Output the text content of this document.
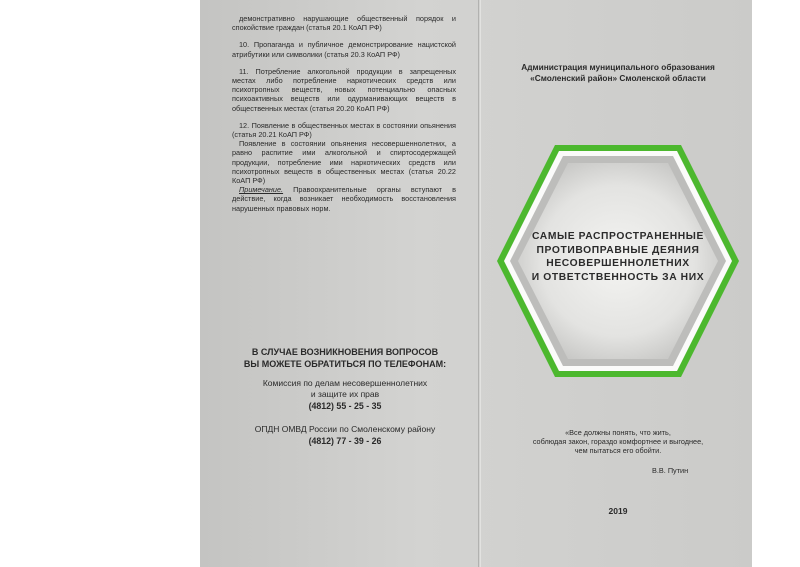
демонстративно нарушающие общественный порядок и спокойствие граждан (статья 20.1 КоАП РФ)

10. Пропаганда и публичное демонстрирование нацистской атрибутики или символики (статья 20.3 КоАП РФ)

11. Потребление алкогольной продукции в запрещенных местах либо потребление наркотических средств или психотропных веществ, новых потенциально опасных психоактивных веществ или одурманивающих веществ в общественных местах (статья 20.20 КоАП РФ)

12. Появление в общественных местах в состоянии опьянения (статья 20.21 КоАП РФ)

Появление в состоянии опьянения несовершеннолетних, а равно распитие ими алкогольной и спиртосодержащей продукции, потребление ими наркотических средств или психотропных веществ в общественных местах (статья 20.22 КоАП РФ)

Примечание. Правоохранительные органы вступают в действие, когда возникает необходимость восстановления нарушенных правовых норм.

В СЛУЧАЕ ВОЗНИКНОВЕНИЯ ВОПРОСОВ
ВЫ МОЖЕТЕ ОБРАТИТЬСЯ ПО ТЕЛЕФОНАМ:
Комиссия по делам несовершеннолетних
и защите их прав
(4812) 55 - 25 - 35
ОПДН ОМВД России по Смоленскому району
(4812) 77 - 39 - 26
Администрация муниципального образования
«Смоленский район» Смоленской области
САМЫЕ РАСПРОСТРАНЕННЫЕ
ПРОТИВОПРАВНЫЕ ДЕЯНИЯ
НЕСОВЕРШЕННОЛЕТНИХ
И ОТВЕТСТВЕННОСТЬ ЗА НИХ
«Все должны понять, что жить,
соблюдая закон, гораздо комфортнее и выгоднее,
чем пытаться его обойти.
В.В. Путин
2019
